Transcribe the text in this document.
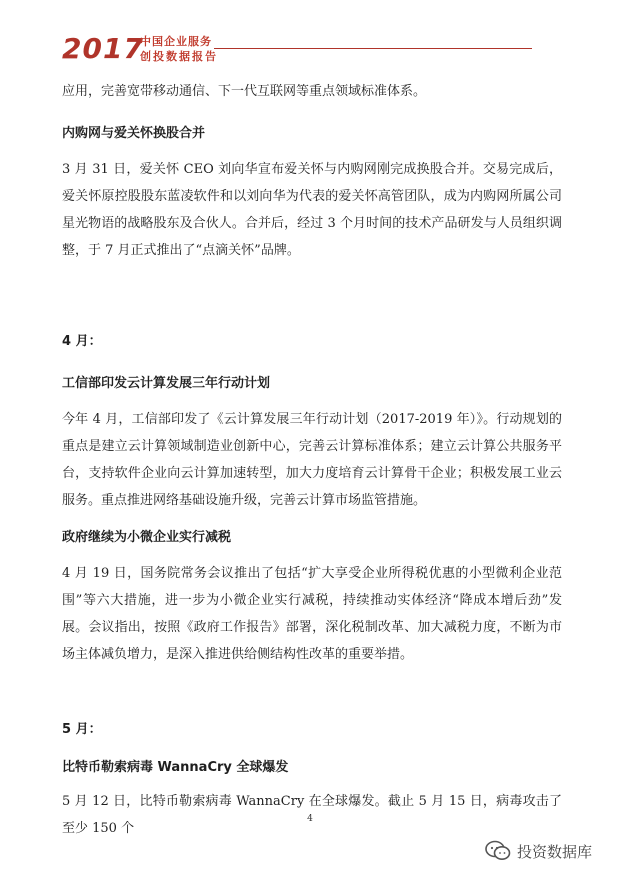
2017
中国企业服务
创投数据报告

应用，完善宽带移动通信、下一代互联网等重点领域标准体系。

内购网与爱关怀换股合并

3 月 31 日，爱关怀 CEO 刘向华宣布爱关怀与内购网刚完成换股合并。交易完成后，爱关怀原控股股东蓝凌软件和以刘向华为代表的爱关怀高管团队，成为内购网所属公司星光物语的战略股东及合伙人。合并后，经过 3 个月时间的技术产品研发与人员组织调整，于 7 月正式推出了“点滴关怀”品牌。

4 月：

工信部印发云计算发展三年行动计划

今年 4 月，工信部印发了《云计算发展三年行动计划（2017-2019 年）》。行动规划的重点是建立云计算领域制造业创新中心，完善云计算标准体系；建立云计算公共服务平台，支持软件企业向云计算加速转型，加大力度培育云计算骨干企业；积极发展工业云服务。重点推进网络基础设施升级，完善云计算市场监管措施。

政府继续为小微企业实行减税

4 月 19 日，国务院常务会议推出了包括“扩大享受企业所得税优惠的小型微利企业范围”等六大措施，进一步为小微企业实行减税，持续推动实体经济“降成本增后劲”发展。会议指出，按照《政府工作报告》部署，深化税制改革、加大减税力度，不断为市场主体减负增力，是深入推进供给侧结构性改革的重要举措。

5 月：

比特币勒索病毒 WannaCry 全球爆发

5 月 12 日，比特币勒索病毒 WannaCry 在全球爆发。截止 5 月 15 日，病毒攻击了至少 150 个

4
投资数据库
